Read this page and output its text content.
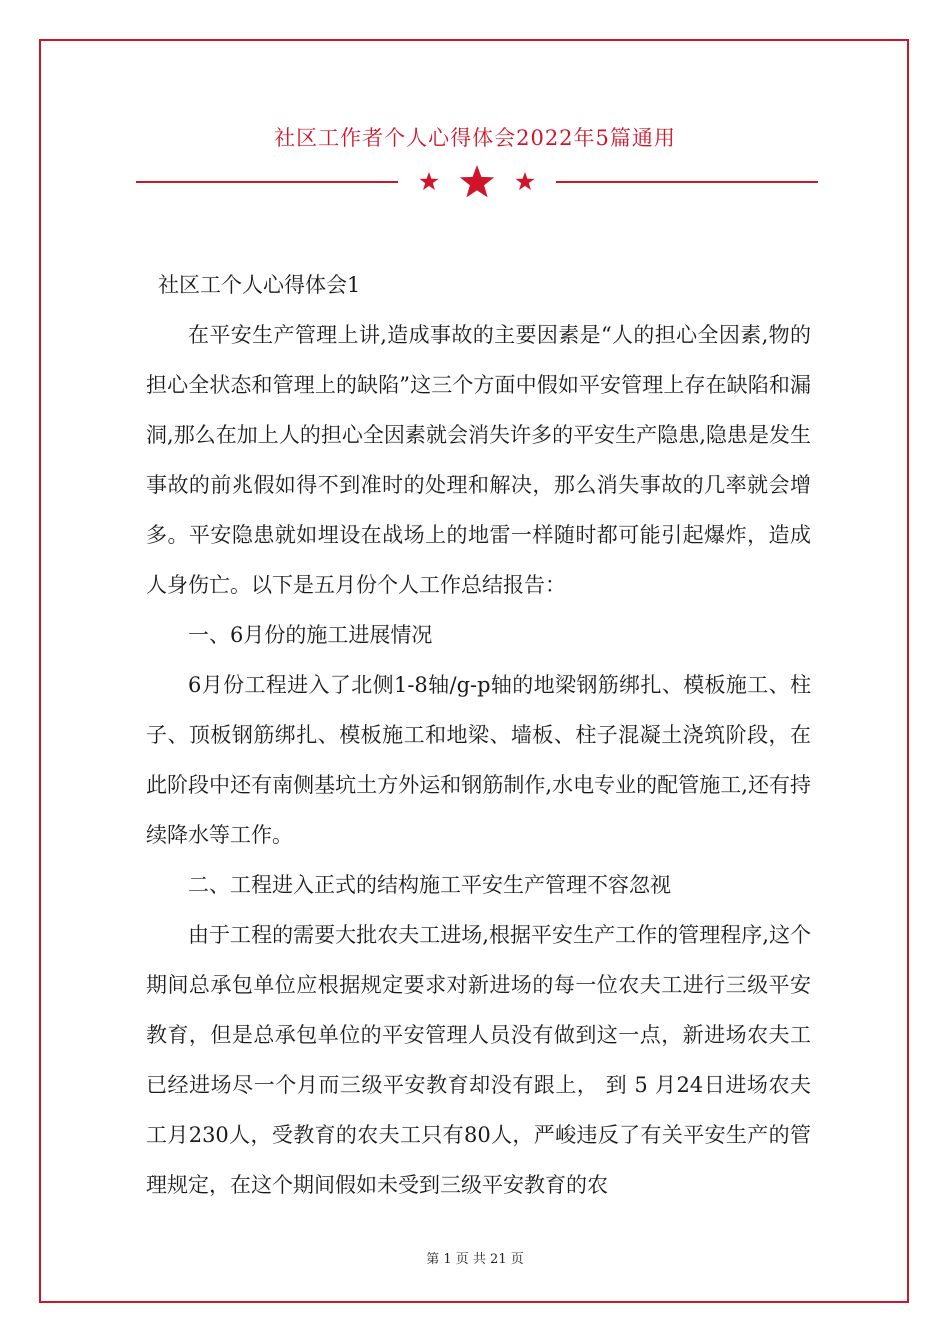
社区工作者个人心得体会2022年5篇通用

社区工个人心得体会1

在平安生产管理上讲,造成事故的主要因素是“人的担心全因素,物的担心全状态和管理上的缺陷”这三个方面中假如平安管理上存在缺陷和漏洞,那么在加上人的担心全因素就会消失许多的平安生产隐患,隐患是发生事故的前兆假如得不到准时的处理和解决，那么消失事故的几率就会增多。平安隐患就如埋设在战场上的地雷一样随时都可能引起爆炸，造成人身伤亡。以下是五月份个人工作总结报告：

一、6月份的施工进展情况

6月份工程进入了北侧1-8轴/g-p轴的地梁钢筋绑扎、模板施工、柱子、顶板钢筋绑扎、模板施工和地梁、墙板、柱子混凝土浇筑阶段，在此阶段中还有南侧基坑土方外运和钢筋制作,水电专业的配管施工,还有持续降水等工作。

二、工程进入正式的结构施工平安生产管理不容忽视

由于工程的需要大批农夫工进场,根据平安生产工作的管理程序,这个期间总承包单位应根据规定要求对新进场的每一位农夫工进行三级平安教育，但是总承包单位的平安管理人员没有做到这一点，新进场农夫工已经进场尽一个月而三级平安教育却没有跟上， 到 5 月24日进场农夫工月230人，受教育的农夫工只有80人，严峻违反了有关平安生产的管理规定，在这个期间假如未受到三级平安教育的农

第 1 页 共 21 页
